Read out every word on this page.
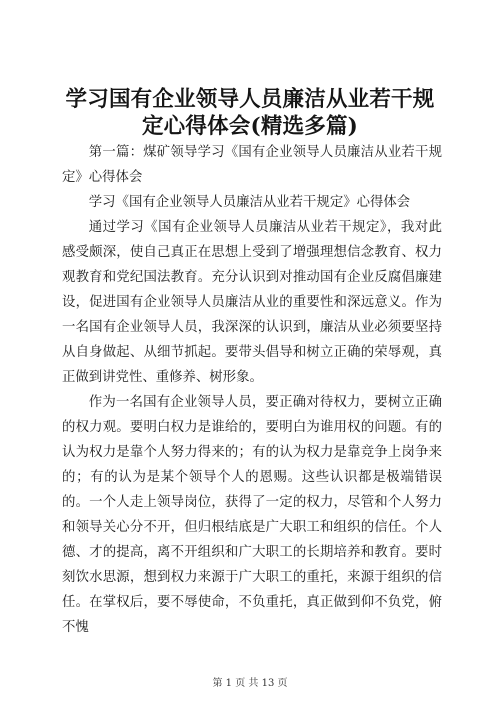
学习国有企业领导人员廉洁从业若干规定心得体会(精选多篇)

第一篇：煤矿领导学习《国有企业领导人员廉洁从业若干规定》心得体会

学习《国有企业领导人员廉洁从业若干规定》心得体会

通过学习《国有企业领导人员廉洁从业若干规定》，我对此感受颇深，使自己真正在思想上受到了增强理想信念教育、权力观教育和党纪国法教育。充分认识到对推动国有企业反腐倡廉建设，促进国有企业领导人员廉洁从业的重要性和深远意义。作为一名国有企业领导人员，我深深的认识到，廉洁从业必须要坚持从自身做起、从细节抓起。要带头倡导和树立正确的荣辱观，真正做到讲党性、重修养、树形象。

作为一名国有企业领导人员，要正确对待权力，要树立正确的权力观。要明白权力是谁给的，要明白为谁用权的问题。有的认为权力是靠个人努力得来的；有的认为权力是靠竞争上岗争来的；有的认为是某个领导个人的恩赐。这些认识都是极端错误的。一个人走上领导岗位，获得了一定的权力，尽管和个人努力和领导关心分不开，但归根结底是广大职工和组织的信任。个人德、才的提高，离不开组织和广大职工的长期培养和教育。要时刻饮水思源，想到权力来源于广大职工的重托，来源于组织的信任。在掌权后，要不辱使命，不负重托，真正做到仰不负党，俯不愧

第 1 页 共 13 页
